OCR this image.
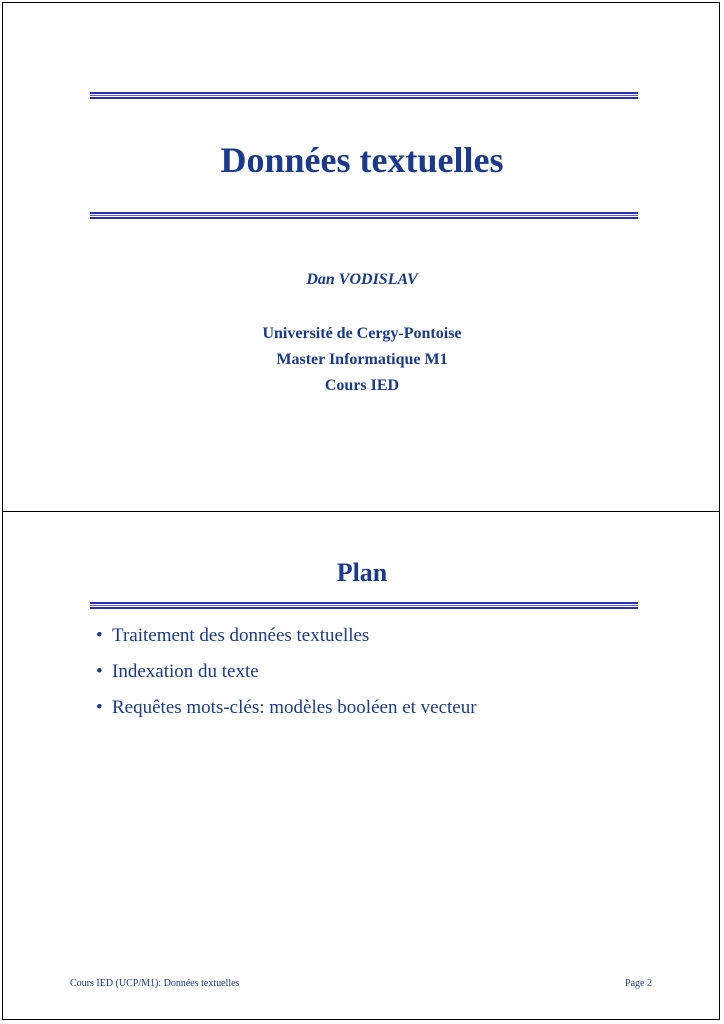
Données textuelles
Dan VODISLAV
Université de Cergy-Pontoise
Master Informatique M1
Cours IED
Plan
• Traitement des données textuelles
• Indexation du texte
• Requêtes mots-clés: modèles booléen et vecteur
Cours IED (UCP/M1): Données textuelles	Page 2
